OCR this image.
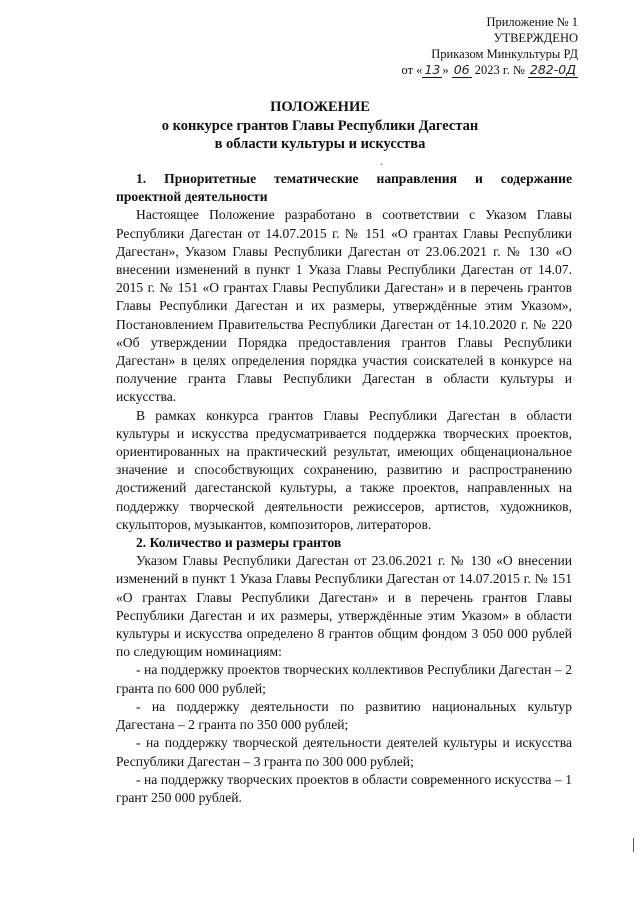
Приложение № 1
УТВЕРЖДЕНО
Приказом Минкультуры РД
от « 13 » 06 2023 г. № 282-0Д
ПОЛОЖЕНИЕ
о конкурсе грантов Главы Республики Дагестан
в области культуры и искусства
·

1. Приоритетные тематические направления и содержание

проектной деятельности

Настоящее Положение разработано в соответствии с Указом Главы Республики Дагестан от 14.07.2015 г. № 151 «О грантах Главы Республики Дагестан», Указом Главы Республики Дагестан от 23.06.2021 г. № 130 «О внесении изменений в пункт 1 Указа Главы Республики Дагестан от 14.07. 2015 г. № 151 «О грантах Главы Республики Дагестан» и в перечень грантов Главы Республики Дагестан и их размеры, утверждённые этим Указом», Постановлением Правительства Республики Дагестан от 14.10.2020 г. № 220 «Об утверждении Порядка предоставления грантов Главы Республики Дагестан» в целях определения порядка участия соискателей в конкурсе на получение гранта Главы Республики Дагестан в области культуры и искусства.

В рамках конкурса грантов Главы Республики Дагестан в области культуры и искусства предусматривается поддержка творческих проектов, ориентированных на практический результат, имеющих общенациональное значение и способствующих сохранению, развитию и распространению достижений дагестанской культуры, а также проектов, направленных на поддержку творческой деятельности режиссеров, артистов, художников, скульпторов, музыкантов, композиторов, литераторов.

2. Количество и размеры грантов

Указом Главы Республики Дагестан от 23.06.2021 г. № 130 «О внесении изменений в пункт 1 Указа Главы Республики Дагестан от 14.07.2015 г. № 151 «О грантах Главы Республики Дагестан» и в перечень грантов Главы Республики Дагестан и их размеры, утверждённые этим Указом» в области культуры и искусства определено 8 грантов общим фондом 3 050 000 рублей по следующим номинациям:

- на поддержку проектов творческих коллективов Республики Дагестан – 2 гранта по 600 000 рублей;

- на поддержку деятельности по развитию национальных культур Дагестана – 2 гранта по 350 000 рублей;

- на поддержку творческой деятельности деятелей культуры и искусства Республики Дагестан – 3 гранта по 300 000 рублей;

- на поддержку творческих проектов в области современного искусства – 1 грант 250 000 рублей.
